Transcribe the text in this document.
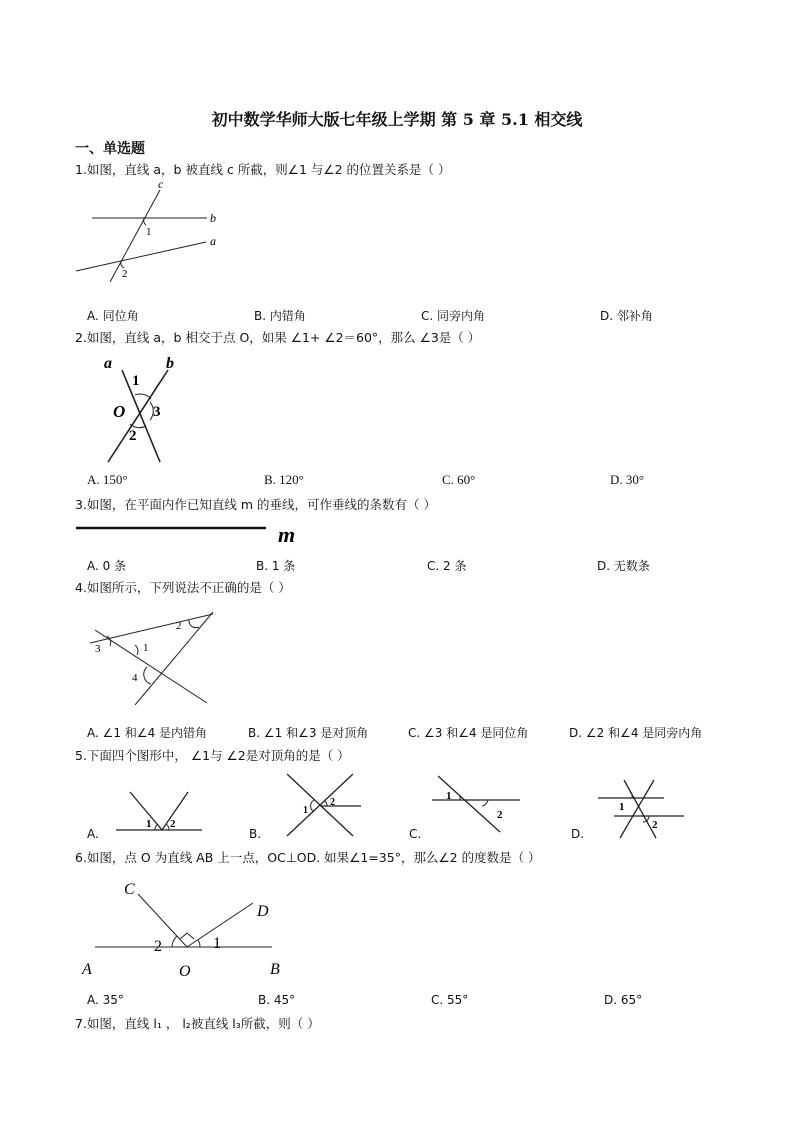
初中数学华师大版七年级上学期 第 5 章 5.1 相交线
一、单选题
1.如图，直线 a，b 被直线 c 所截，则∠1 与∠2 的位置关系是（ ）
c
b
a
1
2
A. 同位角	B. 内错角	C. 同旁内角	D. 邻补角
2.如图，直线 a，b 相交于点 O，如果 ∠1+ ∠2＝60°，那么 ∠3是（ ）
a	b
1
O 3
2
A. 150°	B. 120°	C. 60°	D. 30°
3.如图，在平面内作已知直线 m 的垂线，可作垂线的条数有（ ）
m
A. 0 条	B. 1 条	C. 2 条	D. 无数条
4.如图所示，下列说法不正确的是（ ）
2
3	1
4
A. ∠1 和∠4 是内错角	B. ∠1 和∠3 是对顶角	C. ∠3 和∠4 是同位角	D. ∠2 和∠4 是同旁内角
5.下面四个图形中， ∠1与 ∠2是对顶角的是（ ）
A.
1 2
B.
1
2
C.
1
2
D.
1
2
6.如图，点 O 为直线 AB 上一点，OC⊥OD. 如果∠1=35°，那么∠2 的度数是（ ）
C
D
2	1
A	O	B
A. 35°	B. 45°	C. 55°	D. 65°
7.如图，直线 l₁ ， l₂被直线 l₃所截，则（ ）
